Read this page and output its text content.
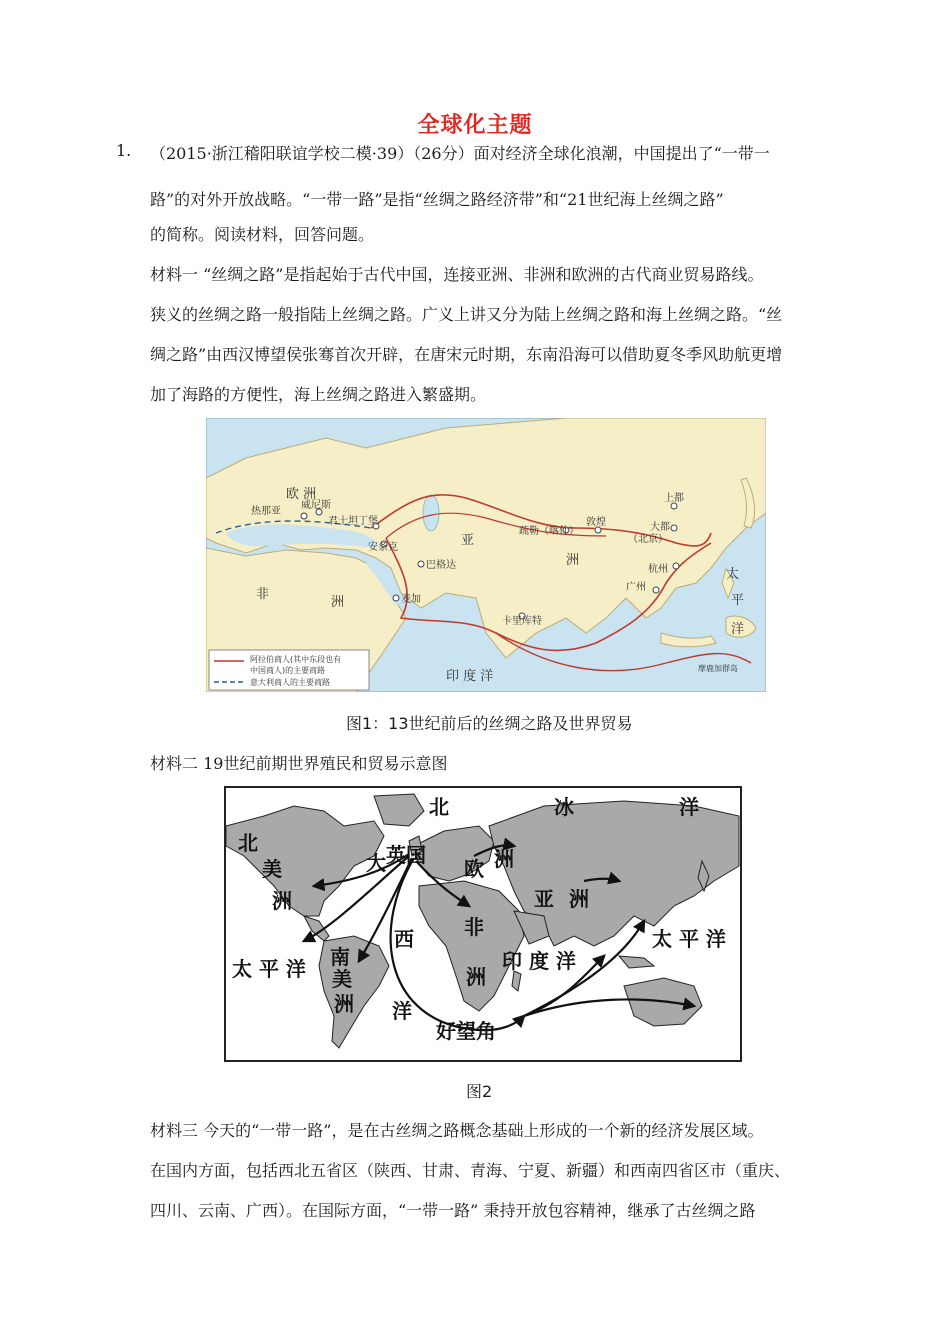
全球化主题
1. （2015·浙江稽阳联谊学校二模·39）（26分）面对经济全球化浪潮，中国提出了“一带一
路”的对外开放战略。“一带一路”是指“丝绸之路经济带”和“21世纪海上丝绸之路”
的简称。阅读材料，回答问题。
材料一 “丝绸之路”是指起始于古代中国，连接亚洲、非洲和欧洲的古代商业贸易路线。
狭义的丝绸之路一般指陆上丝绸之路。广义上讲又分为陆上丝绸之路和海上丝绸之路。“丝
绸之路”由西汉博望侯张骞首次开辟，在唐宋元时期，东南沿海可以借助夏冬季风助航更增
加了海路的方便性，海上丝绸之路进入繁盛期。
欧 洲
热那亚
威尼斯
君士坦丁堡
安条克
巴格达
麦加
疏勒（喀什）
敦煌
上都
大都
（北京）
杭州
广州
卡里库特
亚
洲
非
洲
太
平
洋
印 度 洋
摩鹿加群岛
阿拉伯商人(其中东段也有
中国商人)的主要商路
意大利商人的主要商路
图1：13世纪前后的丝绸之路及世界贸易
材料二 19世纪前期世界殖民和贸易示意图
北	冰	洋
北
美
洲
大 英国
欧 洲
亚 洲
非
洲
西
洋
南
美
洲
太 平 洋
太 平 洋
印 度 洋
好望角
图2
材料三 今天的“一带一路”，是在古丝绸之路概念基础上形成的一个新的经济发展区域。
在国内方面，包括西北五省区（陕西、甘肃、青海、宁夏、新疆）和西南四省区市（重庆、
四川、云南、广西）。在国际方面，“一带一路” 秉持开放包容精神，继承了古丝绸之路
